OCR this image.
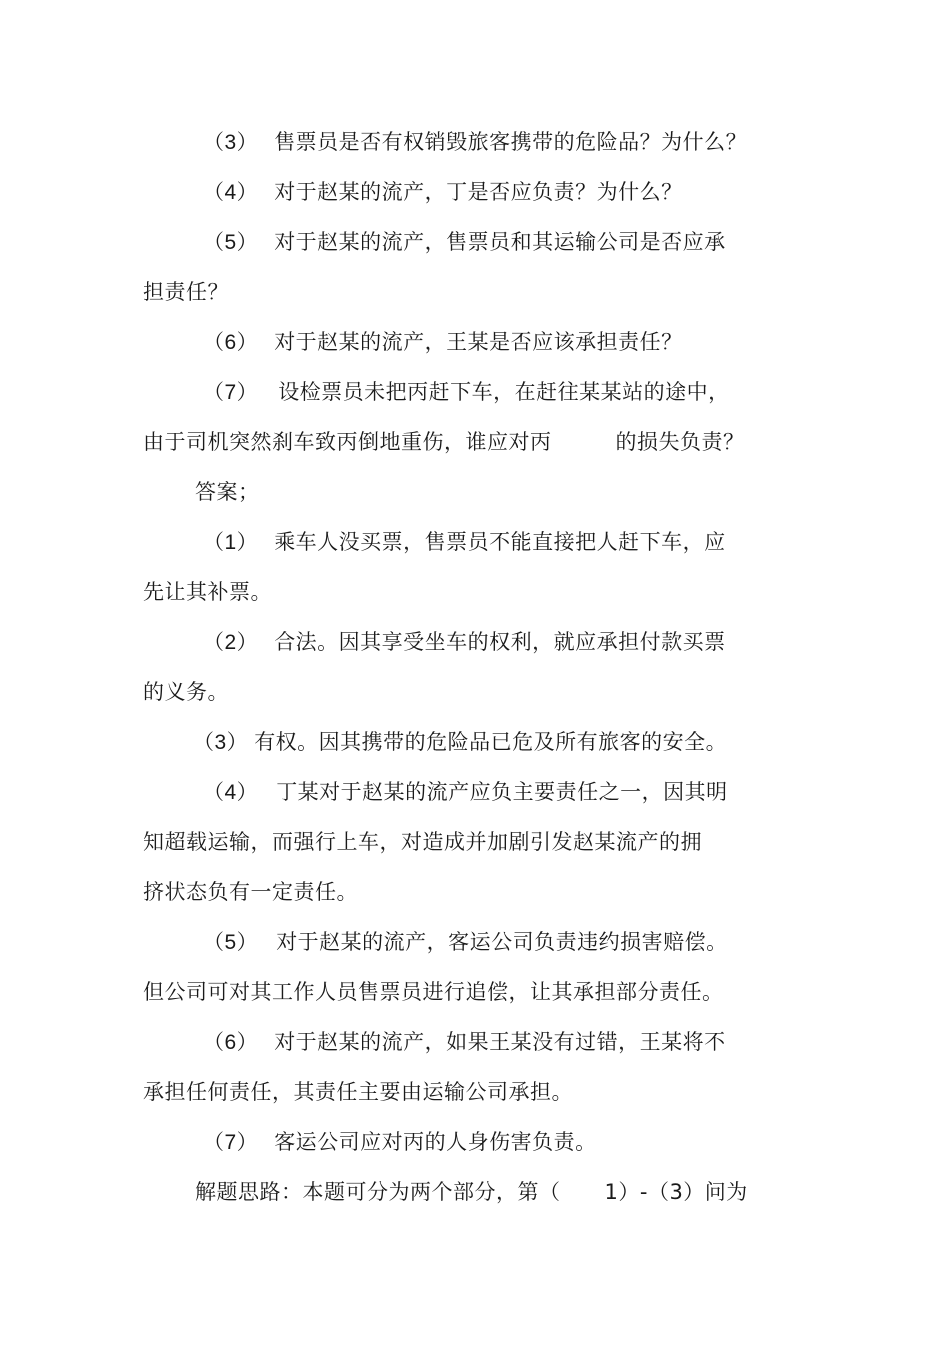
（3） 售票员是否有权销毁旅客携带的危险品？为什么？
（4） 对于赵某的流产，丁是否应负责？为什么？
（5） 对于赵某的流产，售票员和其运输公司是否应承
担责任？
（6） 对于赵某的流产，王某是否应该承担责任？
（7） 设检票员未把丙赶下车，在赶往某某站的途中，
由于司机突然刹车致丙倒地重伤，谁应对丙	的损失负责？
答案；
（1） 乘车人没买票，售票员不能直接把人赶下车，应
先让其补票。
（2） 合法。因其享受坐车的权利，就应承担付款买票
的义务。
（3） 有权。因其携带的危险品已危及所有旅客的安全。
（4） 丁某对于赵某的流产应负主要责任之一，因其明
知超载运输，而强行上车，对造成并加剧引发赵某流产的拥
挤状态负有一定责任。
（5） 对于赵某的流产，客运公司负责违约损害赔偿。
但公司可对其工作人员售票员进行追偿，让其承担部分责任。
（6） 对于赵某的流产，如果王某没有过错，王某将不
承担任何责任，其责任主要由运输公司承担。
（7） 客运公司应对丙的人身伤害负责。
解题思路：本题可分为两个部分，第（ 1）-（3）问为
